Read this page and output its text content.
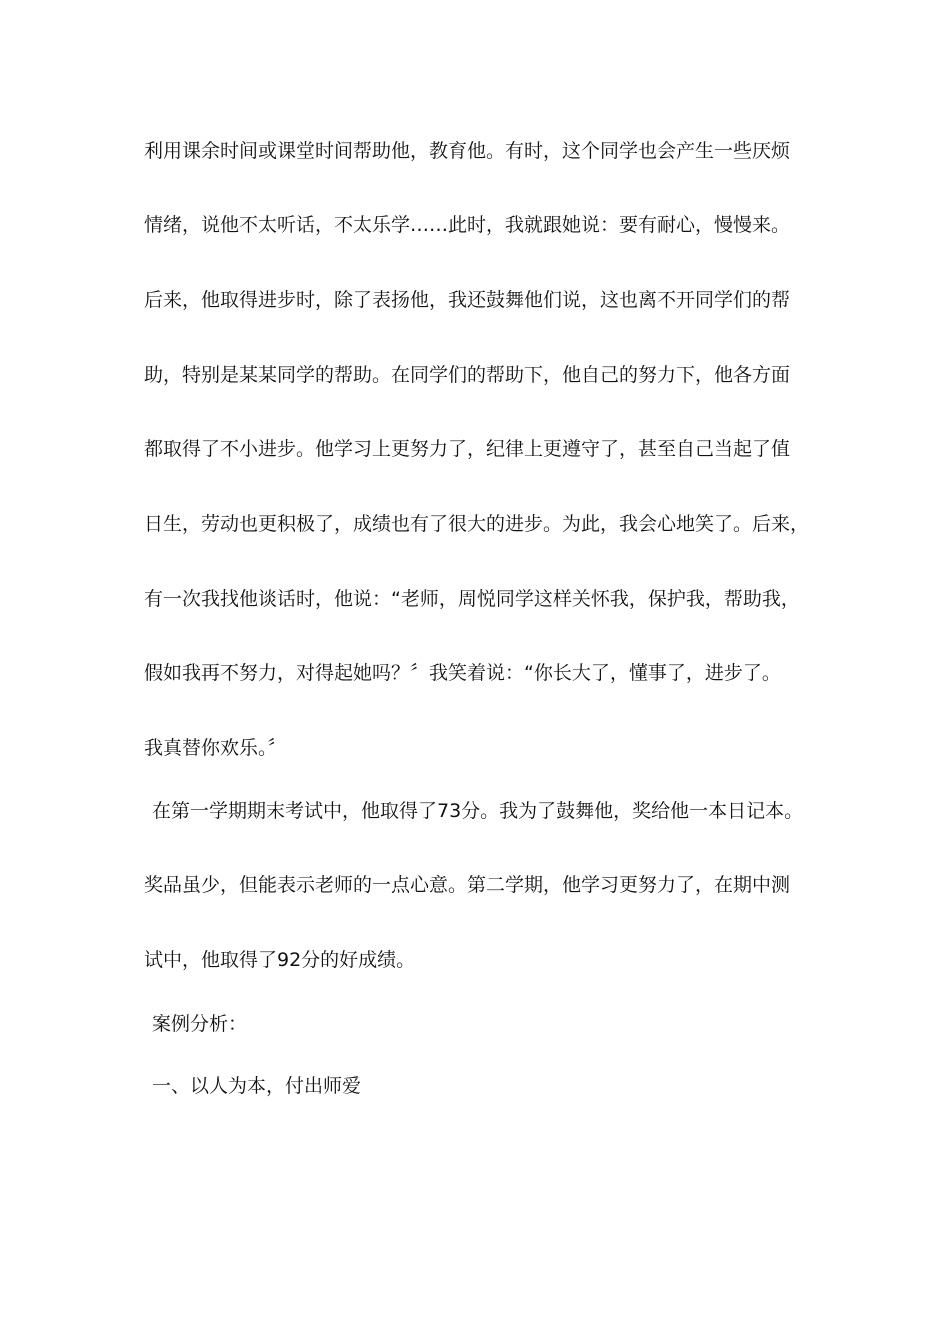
利用课余时间或课堂时间帮助他，教育他。有时，这个同学也会产生一些厌烦
情绪，说他不太听话，不太乐学……此时，我就跟她说：要有耐心，慢慢来。
后来，他取得进步时，除了表扬他，我还鼓舞他们说，这也离不开同学们的帮
助，特别是某某同学的帮助。在同学们的帮助下，他自己的努力下，他各方面
都取得了不小进步。他学习上更努力了，纪律上更遵守了，甚至自己当起了值
日生，劳动也更积极了，成绩也有了很大的进步。为此，我会心地笑了。后来，
有一次我找他谈话时，他说：“老师，周悦同学这样关怀我，保护我，帮助我，
假如我再不努力，对得起她吗？〞我笑着说：“你长大了，懂事了，进步了。
我真替你欢乐。〞
在第一学期期末考试中，他取得了73分。我为了鼓舞他，奖给他一本日记本。
奖品虽少，但能表示老师的一点心意。第二学期，他学习更努力了，在期中测
试中，他取得了92分的好成绩。
案例分析：
一、以人为本，付出师爱
